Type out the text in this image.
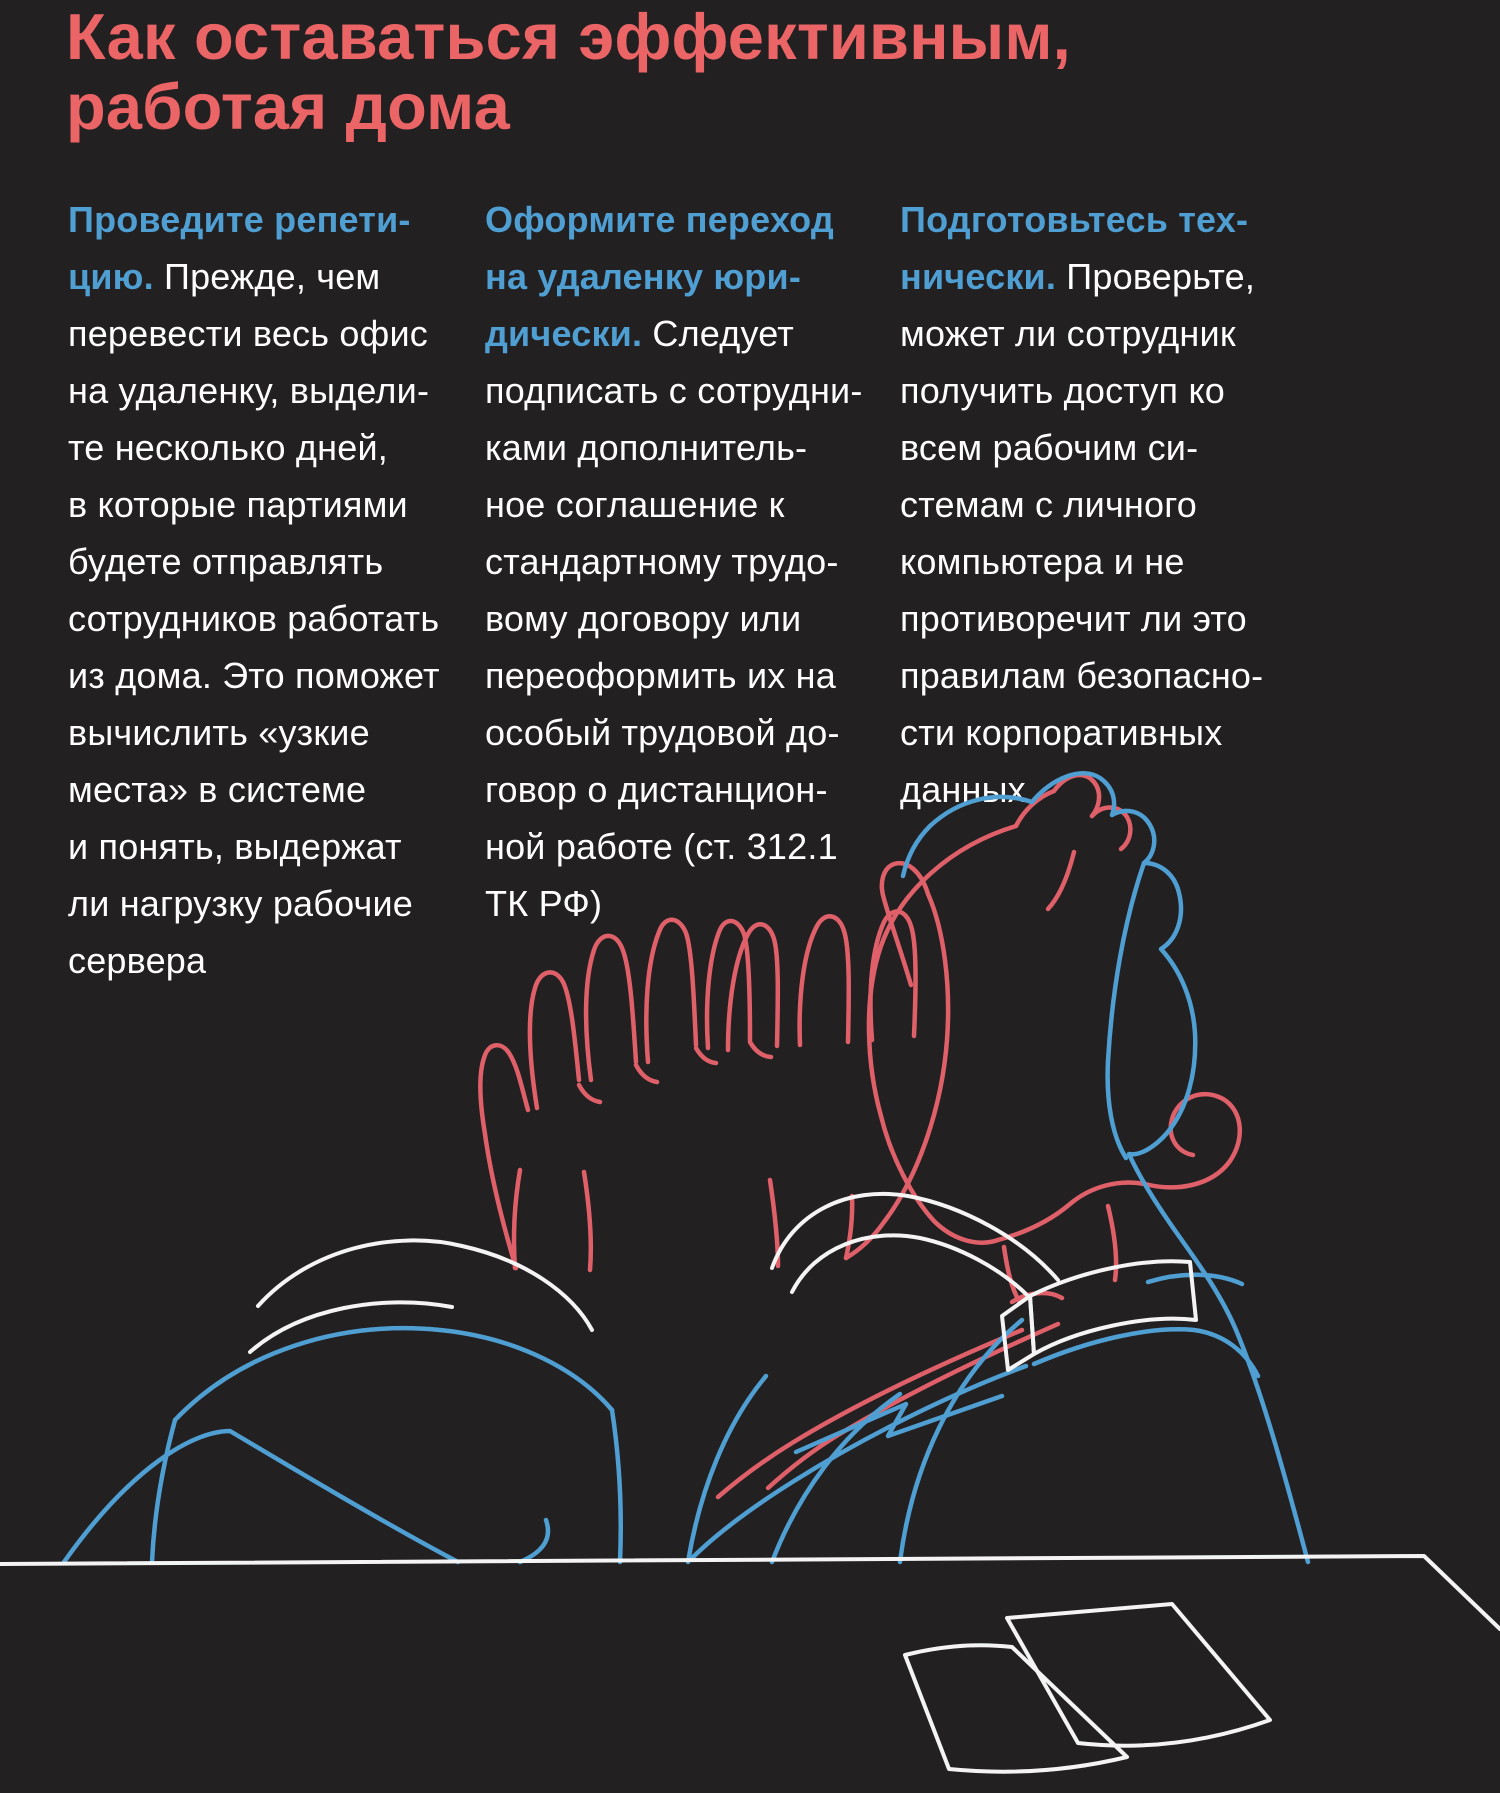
Как оставаться эффективным,
работая дома
Проведите репети-
цию. Прежде, чем
перевести весь офис
на удаленку, выдели-
те несколько дней,
в которые партиями
будете отправлять
сотрудников работать
из дома. Это поможет
вычислить «узкие
места» в системе
и понять, выдержат
ли нагрузку рабочие
сервера
Оформите переход
на удаленку юри-
дически. Следует
подписать с сотрудни-
ками дополнитель-
ное соглашение к
стандартному трудо-
вому договору или
переоформить их на
особый трудовой до-
говор о дистанцион-
ной работе (ст. 312.1
ТК РФ)
Подготовьтесь тех-
нически. Проверьте,
может ли сотрудник
получить доступ ко
всем рабочим си-
стемам с личного
компьютера и не
противоречит ли это
правилам безопасно-
сти корпоративных
данных
